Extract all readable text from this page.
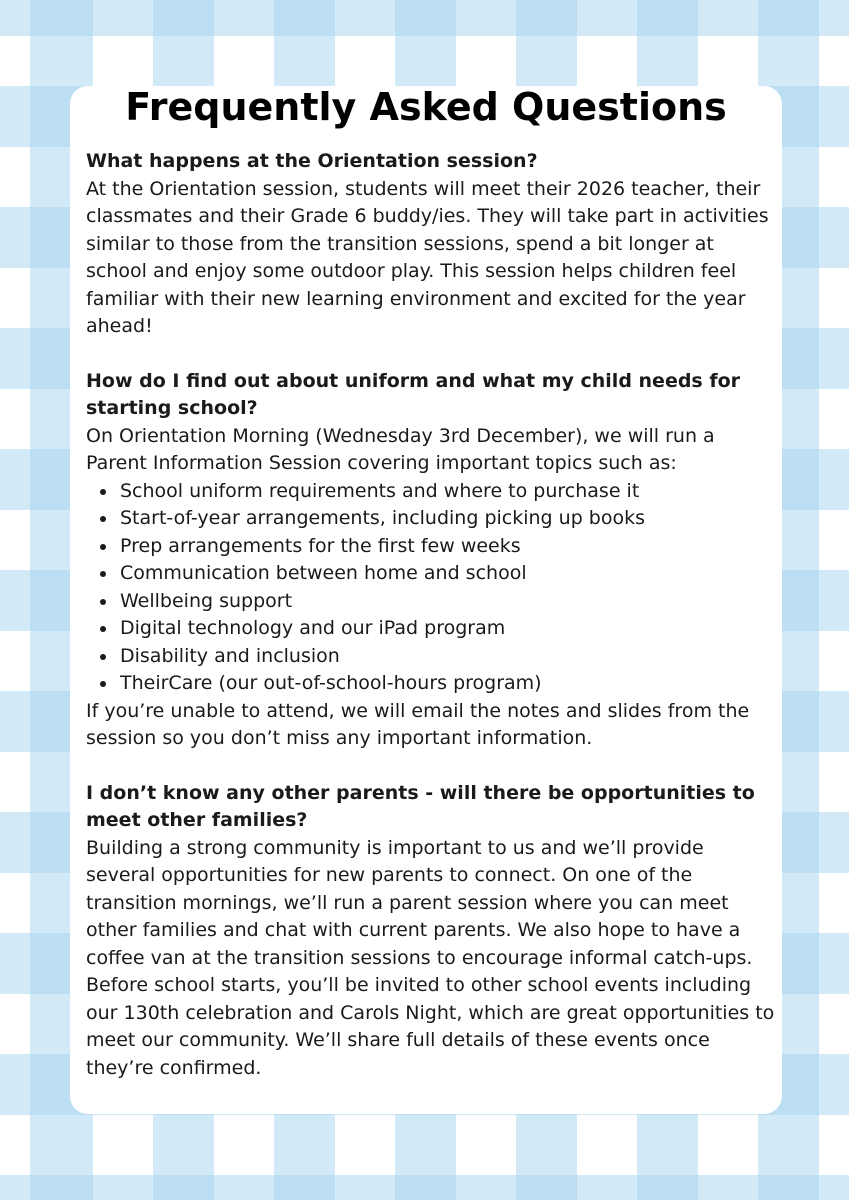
Frequently Asked Questions

What happens at the Orientation session?

At the Orientation session, students will meet their 2026 teacher, their classmates and their Grade 6 buddy/ies. They will take part in activities similar to those from the transition sessions, spend a bit longer at school and enjoy some outdoor play. This session helps children feel familiar with their new learning environment and excited for the year ahead!

How do I find out about uniform and what my child needs for starting school?

On Orientation Morning (Wednesday 3rd December), we will run a Parent Information Session covering important topics such as:

• School uniform requirements and where to purchase it
• Start-of-year arrangements, including picking up books
• Prep arrangements for the first few weeks
• Communication between home and school
• Wellbeing support
• Digital technology and our iPad program
• Disability and inclusion
• TheirCare (our out-of-school-hours program)

If you’re unable to attend, we will email the notes and slides from the session so you don’t miss any important information.

I don’t know any other parents - will there be opportunities to meet other families?

Building a strong community is important to us and we’ll provide several opportunities for new parents to connect. On one of the transition mornings, we’ll run a parent session where you can meet other families and chat with current parents. We also hope to have a coffee van at the transition sessions to encourage informal catch-ups.

Before school starts, you’ll be invited to other school events including our 130th celebration and Carols Night, which are great opportunities to meet our community. We’ll share full details of these events once they’re confirmed.
